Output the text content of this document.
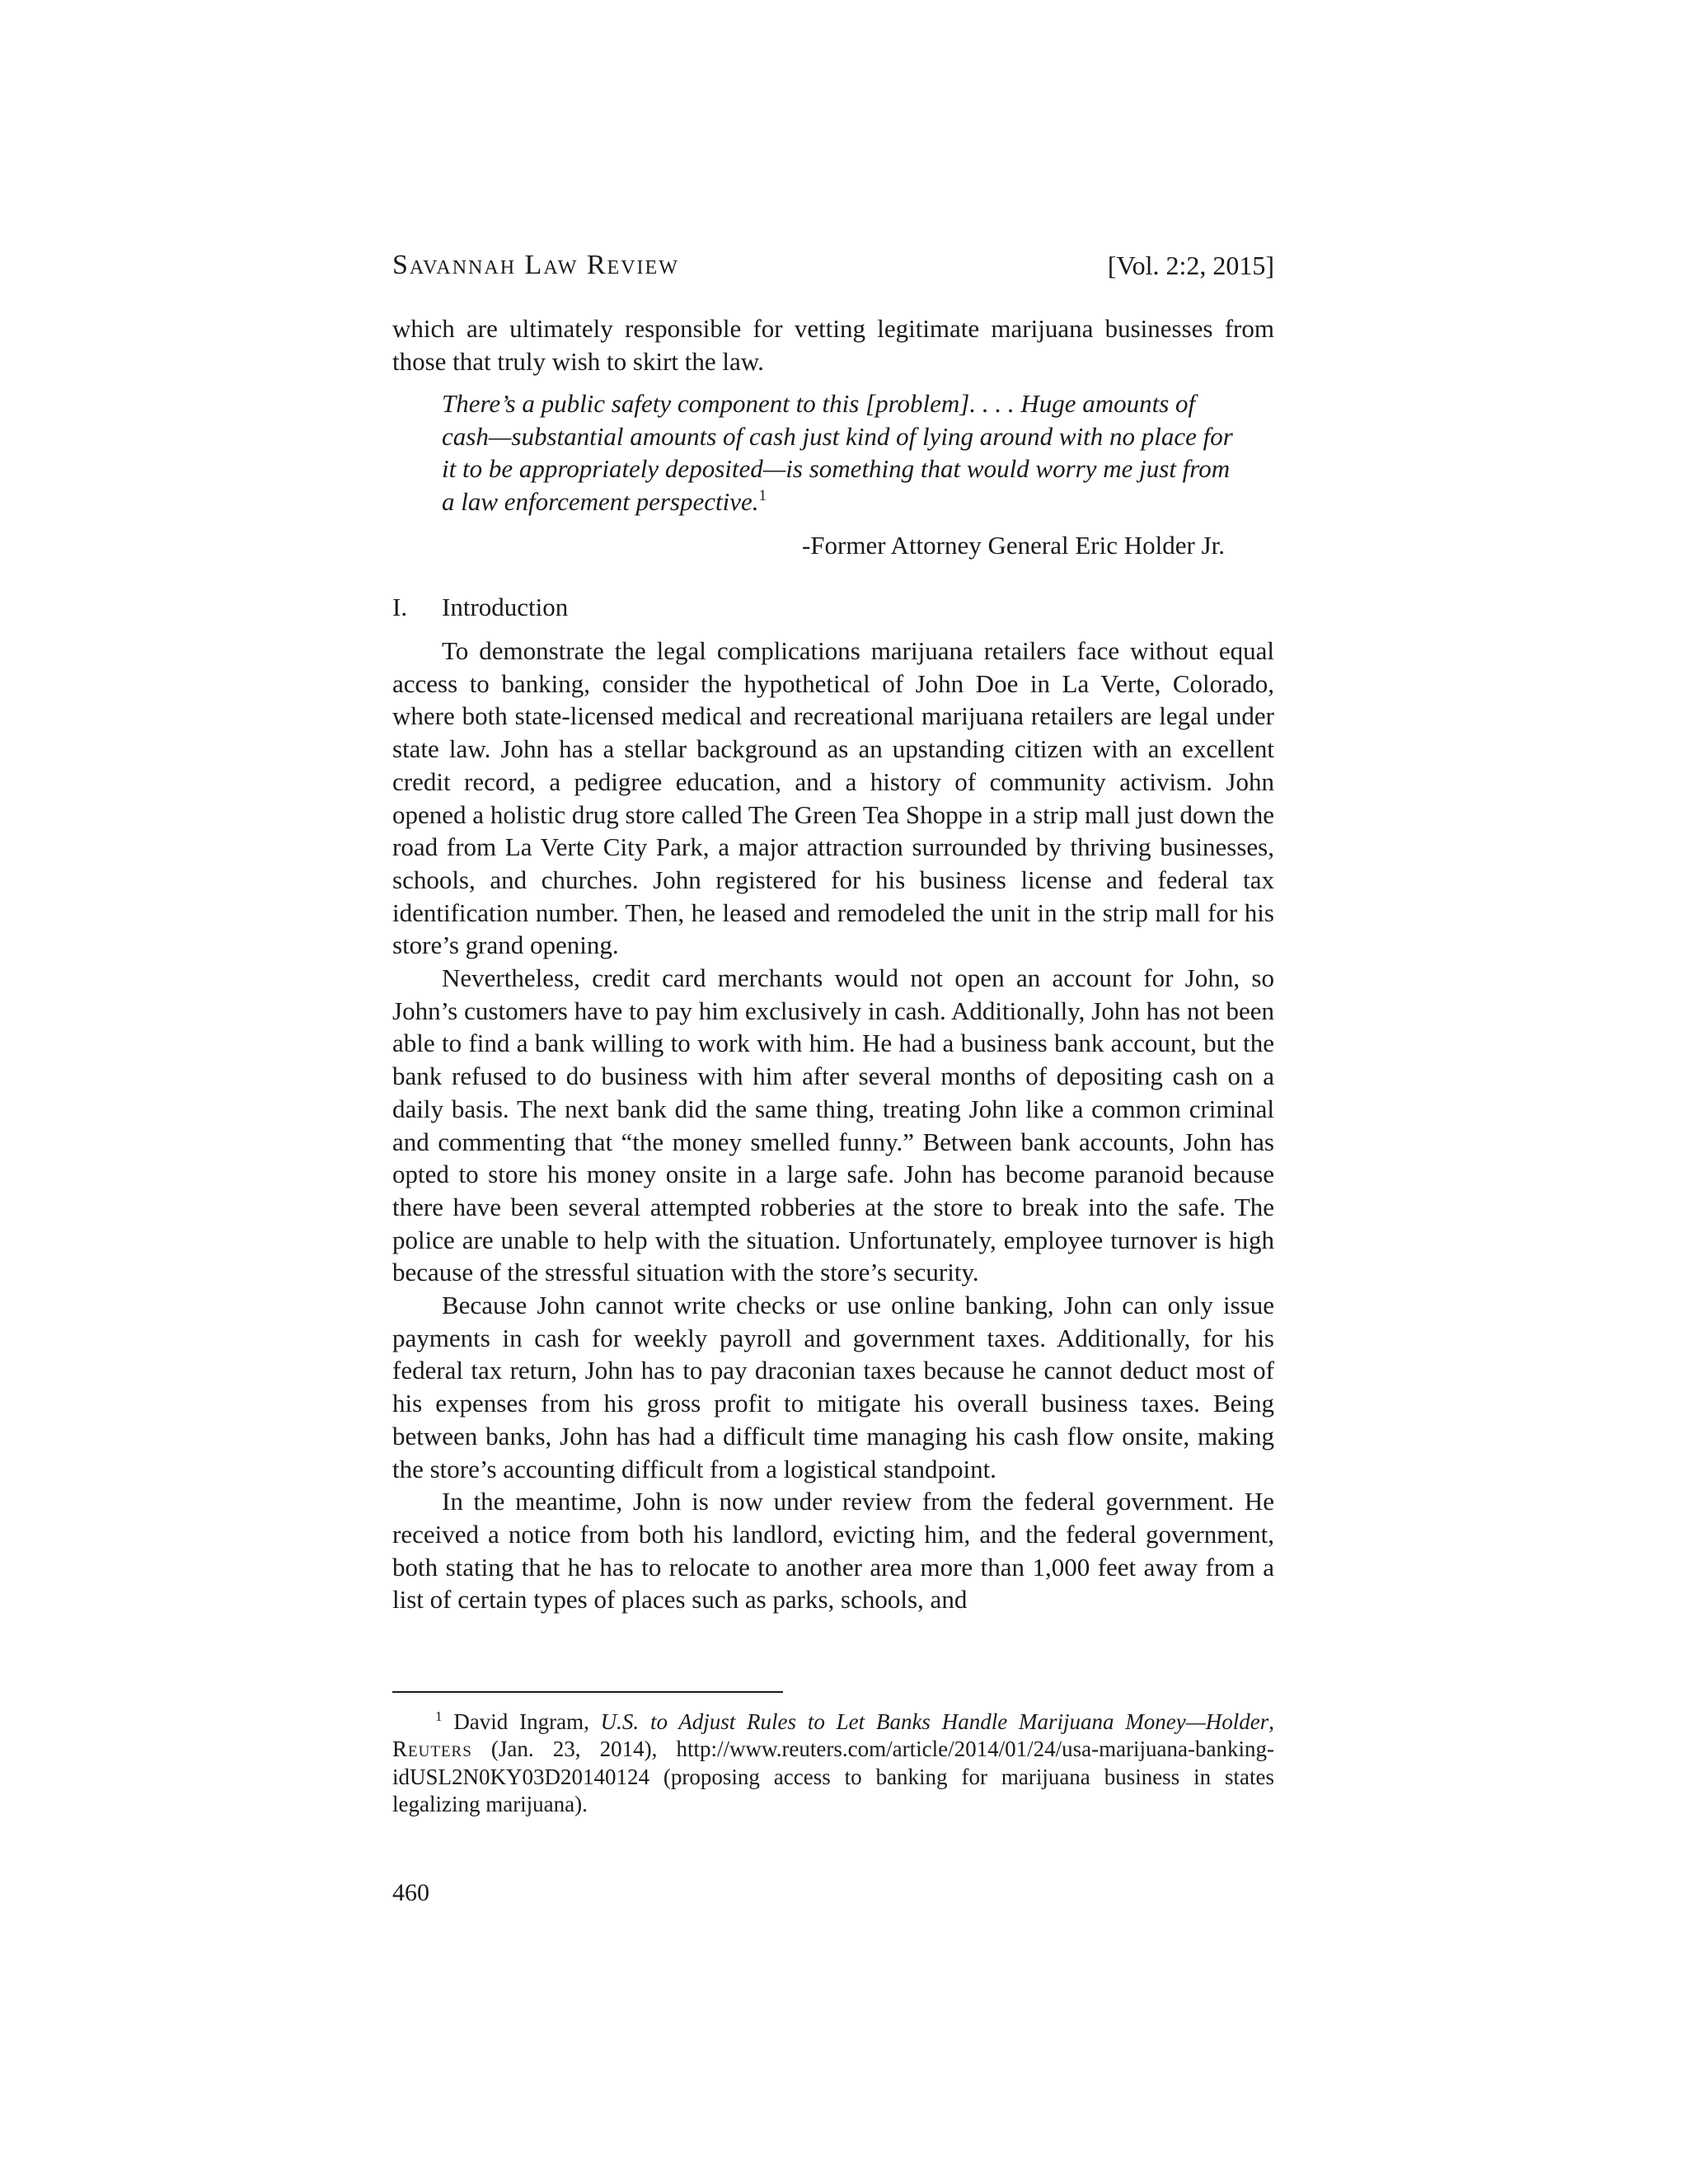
Savannah Law Review	[Vol. 2:2, 2015]
which are ultimately responsible for vetting legitimate marijuana businesses from those that truly wish to skirt the law.
There’s a public safety component to this [problem]. . . . Huge amounts of cash—substantial amounts of cash just kind of lying around with no place for it to be appropriately deposited—is something that would worry me just from a law enforcement perspective.$^1$
-Former Attorney General Eric Holder Jr.
I. Introduction

To demonstrate the legal complications marijuana retailers face without equal access to banking, consider the hypothetical of John Doe in La Verte, Colorado, where both state-licensed medical and recreational marijuana retailers are legal under state law. John has a stellar background as an upstanding citizen with an excellent credit record, a pedigree education, and a history of community activism. John opened a holistic drug store called The Green Tea Shoppe in a strip mall just down the road from La Verte City Park, a major attraction surrounded by thriving businesses, schools, and churches. John registered for his business license and federal tax identification number. Then, he leased and remodeled the unit in the strip mall for his store’s grand opening.

Nevertheless, credit card merchants would not open an account for John, so John’s customers have to pay him exclusively in cash. Additionally, John has not been able to find a bank willing to work with him. He had a business bank account, but the bank refused to do business with him after several months of depositing cash on a daily basis. The next bank did the same thing, treating John like a common criminal and commenting that “the money smelled funny.” Between bank accounts, John has opted to store his money onsite in a large safe. John has become paranoid because there have been several attempted robberies at the store to break into the safe. The police are unable to help with the situation. Unfortunately, employee turnover is high because of the stressful situation with the store’s security.

Because John cannot write checks or use online banking, John can only issue payments in cash for weekly payroll and government taxes. Additionally, for his federal tax return, John has to pay draconian taxes because he cannot deduct most of his expenses from his gross profit to mitigate his overall business taxes. Being between banks, John has had a difficult time managing his cash flow onsite, making the store’s accounting difficult from a logistical standpoint.

In the meantime, John is now under review from the federal government. He received a notice from both his landlord, evicting him, and the federal government, both stating that he has to relocate to another area more than 1,000 feet away from a list of certain types of places such as parks, schools, and

$^1$ David Ingram, U.S. to Adjust Rules to Let Banks Handle Marijuana Money—Holder, Reuters (Jan. 23, 2014), http://www.reuters.com/article/2014/01/24/usa-marijuana-banking-idUSL2N0KY03D20140124 (proposing access to banking for marijuana business in states legalizing marijuana).

460
